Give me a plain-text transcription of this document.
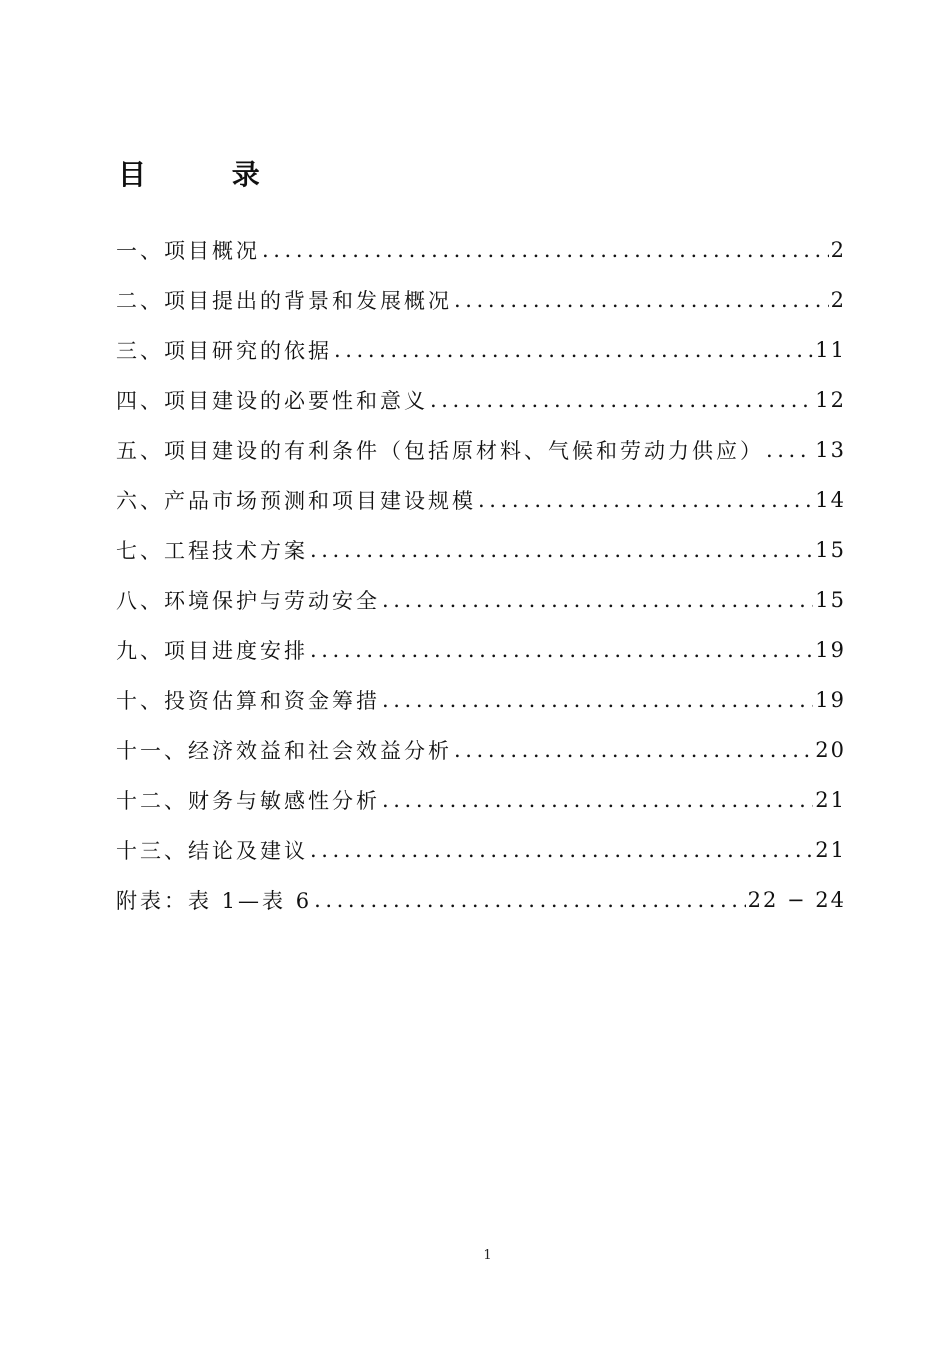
目 录
一、项目概况 .....	2
二、项目提出的背景和发展概况 .....	2
三、项目研究的依据 .....	11
四、项目建设的必要性和意义 .....	12
五、项目建设的有利条件（包括原材料、气候和劳动力供应） ..... 13
六、产品市场预测和项目建设规模 .....	14
七、工程技术方案 .....	15
八、环境保护与劳动安全 .....	15
九、项目进度安排 .....	19
十、投资估算和资金筹措 .....	19
十一、经济效益和社会效益分析 .....	20
十二、财务与敏感性分析 .....	21
十三、结论及建议 .....	21
附表：表 1—表 6 .....	22 − 24
1
